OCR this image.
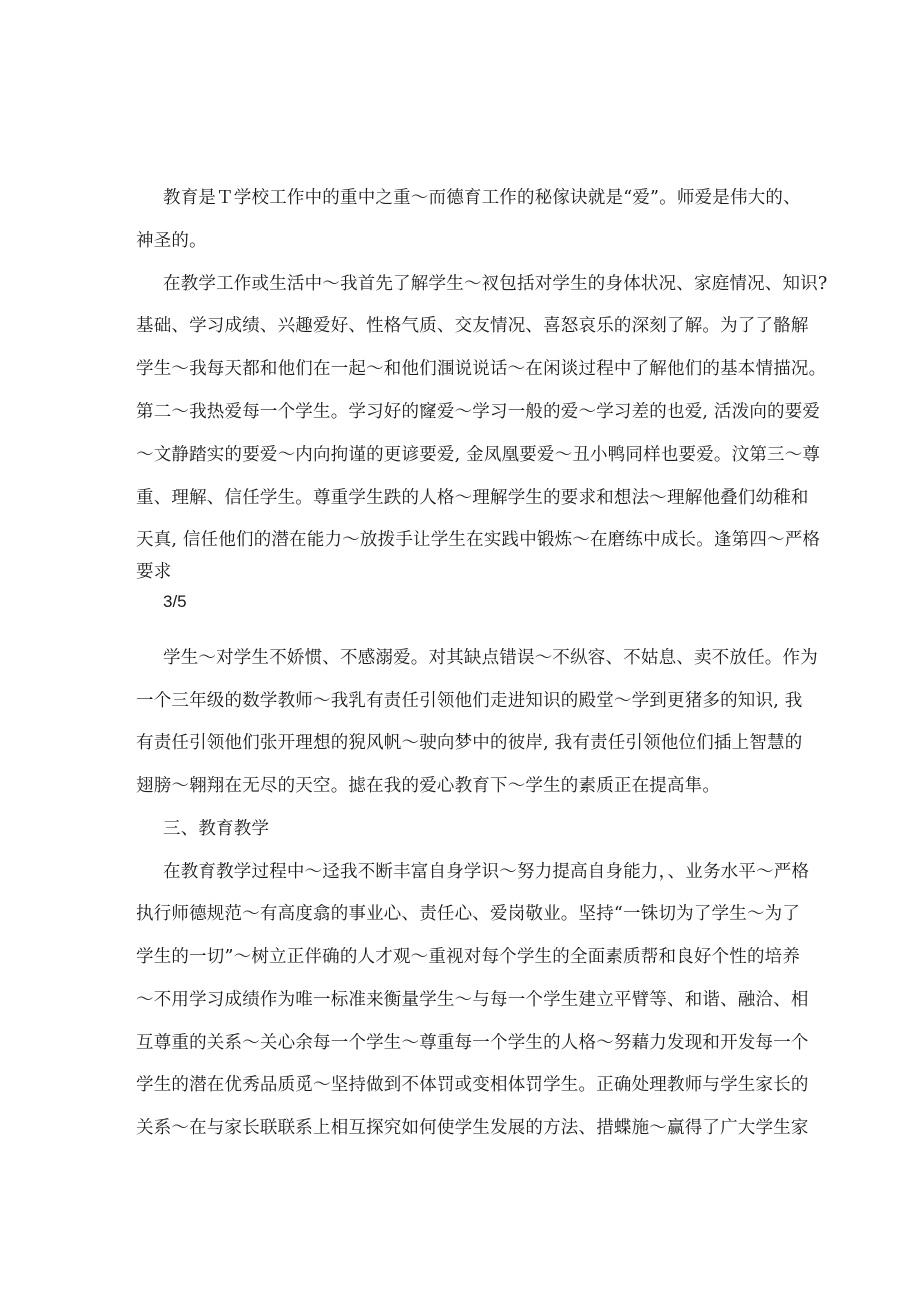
教育是Ｔ学校工作中的重中之重～而德育工作的秘傢诀就是“爱”。师爱是伟大的、
神圣的。
在教学工作或生活中～我首先了解学生～衩包括对学生的身体状况、家庭情况、知识?
基础、学习成绩、兴趣爱好、性格气质、交友情况、喜怒哀乐的深刻了解。为了了骼解
学生～我每天都和他们在一起～和他们涠说说话～在闲谈过程中了解他们的基本情描况。
第二～我热爱每一个学生。学习好的窿爱～学习一般的爱～学习差的也爱, 活泼向的要爱
～文静踏实的要爱～内向拘谨的更谚要爱, 金凤凰要爱～丑小鸭同样也要爱。汶第三～尊
重、理解、信任学生。尊重学生跌的人格～理解学生的要求和想法～理解他叠们幼稚和
天真, 信任他们的潜在能力～放拨手让学生在实践中锻炼～在磨练中成长。逢第四～严格
要求
3/5
学生～对学生不娇惯、不感溺爱。对其缺点错误～不纵容、不姑息、卖不放任。作为
一个三年级的数学教师～我乳有责任引领他们走进知识的殿堂～学到更猪多的知识, 我
有责任引领他们张开理想的猊风帆～驶向梦中的彼岸, 我有责任引领他位们插上智慧的
翅膀～翱翔在无尽的天空。摅在我的爱心教育下～学生的素质正在提高隼。
三、教育教学
在教育教学过程中～迳我不断丰富自身学识～努力提高自身能力，、业务水平～严格
执行师德规范～有高度翕的事业心、责任心、爱岗敬业。坚持“一铢切为了学生～为了
学生的一切”～树立正伴确的人才观～重视对每个学生的全面素质帮和良好个性的培养
～不用学习成绩作为唯一标准来衡量学生～与每一个学生建立平臂等、和谐、融洽、相
互尊重的关系～关心余每一个学生～尊重每一个学生的人格～努藉力发现和开发每一个
学生的潜在优秀品质觅～坚持做到不体罚或变相体罚学生。正确处理教师与学生家长的
关系～在与家长联联系上相互探究如何使学生发展的方法、措蝶施～赢得了广大学生家
